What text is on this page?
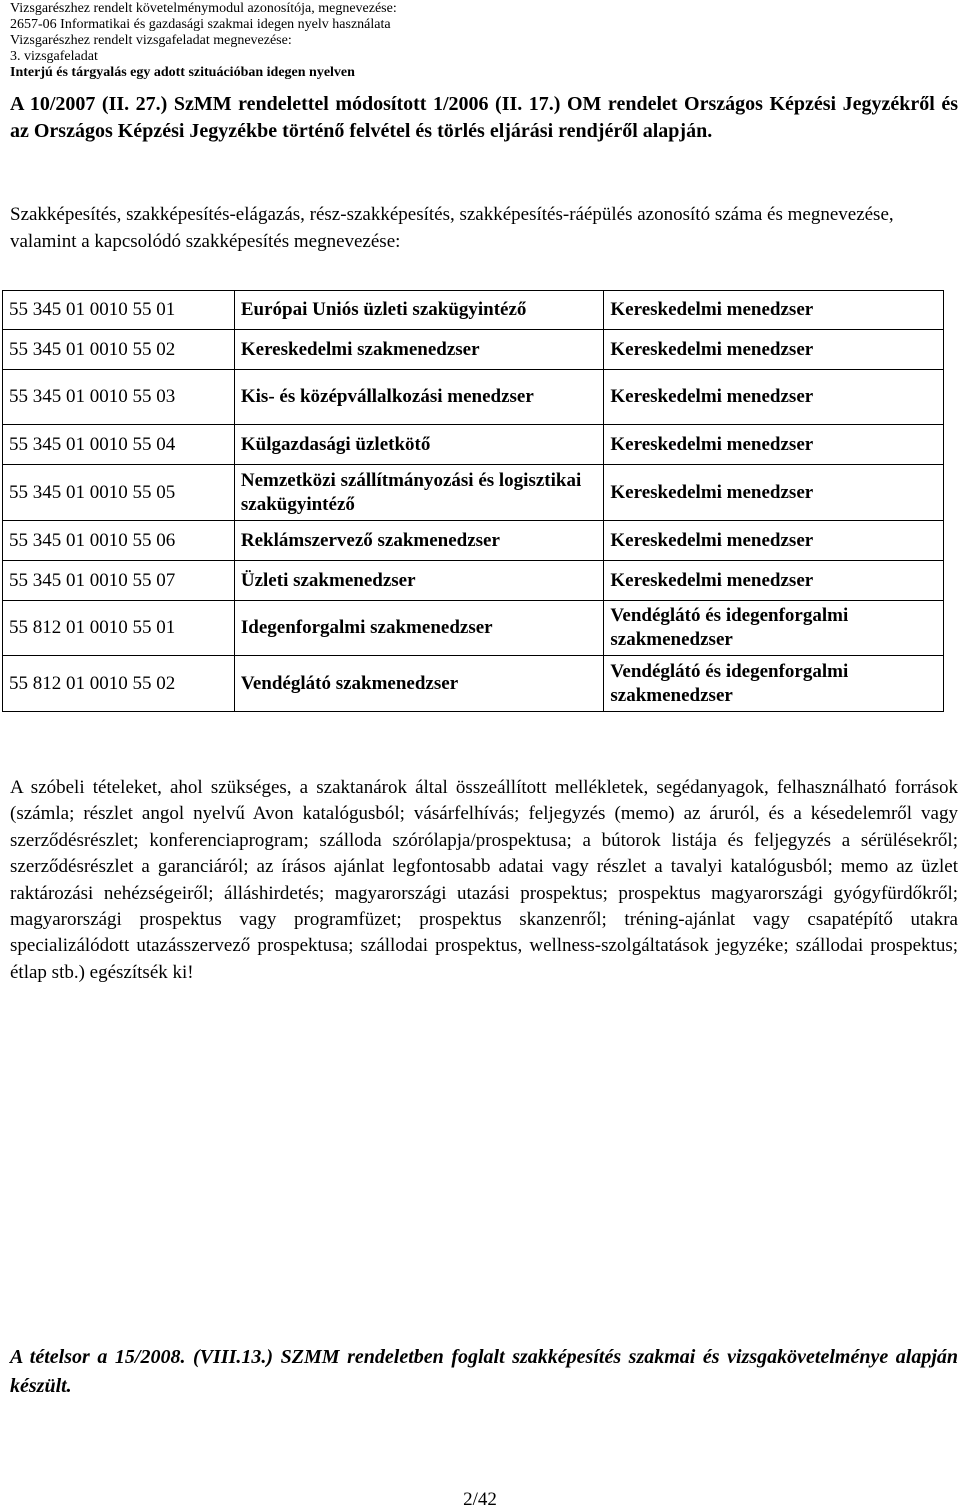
Vizsgarészhez rendelt követelménymodul azonosítója, megnevezése:
2657-06 Informatikai és gazdasági szakmai idegen nyelv használata
Vizsgarészhez rendelt vizsgafeladat megnevezése:
3. vizsgafeladat
Interjú és tárgyalás egy adott szituációban idegen nyelven

A 10/2007 (II. 27.) SzMM rendelettel módosított 1/2006 (II. 17.) OM rendelet Országos Képzési Jegyzékről és az Országos Képzési Jegyzékbe történő felvétel és törlés eljárási rendjéről alapján.

Szakképesítés, szakképesítés-elágazás, rész-szakképesítés, szakképesítés-ráépülés azonosító száma és megnevezése, valamint a kapcsolódó szakképesítés megnevezése:

55 345 01 0010 55 01	Európai Uniós üzleti szakügyintéző	Kereskedelmi menedzser
55 345 01 0010 55 02	Kereskedelmi szakmenedzser	Kereskedelmi menedzser
55 345 01 0010 55 03	Kis- és középvállalkozási menedzser	Kereskedelmi menedzser
55 345 01 0010 55 04	Külgazdasági üzletkötő	Kereskedelmi menedzser
55 345 01 0010 55 05	Nemzetközi szállítmányozási és logisztikai szakügyintéző	Kereskedelmi menedzser
55 345 01 0010 55 06	Reklámszervező szakmenedzser	Kereskedelmi menedzser
55 345 01 0010 55 07	Üzleti szakmenedzser	Kereskedelmi menedzser
55 812 01 0010 55 01	Idegenforgalmi szakmenedzser	Vendéglátó és idegenforgalmi szakmenedzser
55 812 01 0010 55 02	Vendéglátó szakmenedzser	Vendéglátó és idegenforgalmi szakmenedzser

A szóbeli tételeket, ahol szükséges, a szaktanárok által összeállított mellékletek, segédanyagok, felhasználható források (számla; részlet angol nyelvű Avon katalógusból; vásárfelhívás; feljegyzés (memo) az áruról, és a késedelemről vagy szerződésrészlet; konferenciaprogram; szálloda szórólapja/prospektusa; a bútorok listája és feljegyzés a sérülésekről; szerződésrészlet a garanciáról; az írásos ajánlat legfontosabb adatai vagy részlet a tavalyi katalógusból; memo az üzlet raktározási nehézségeiről; álláshirdetés; magyarországi utazási prospektus; prospektus magyarországi gyógyfürdőkről; magyarországi prospektus vagy programfüzet; prospektus skanzenről; tréning-ajánlat vagy csapatépítő utakra specializálódott utazásszervező prospektusa; szállodai prospektus, wellness-szolgáltatások jegyzéke; szállodai prospektus; étlap stb.) egészítsék ki!

A tételsor a 15/2008. (VIII.13.) SZMM rendeletben foglalt szakképesítés szakmai és vizsgakövetelménye alapján készült.

2/42
